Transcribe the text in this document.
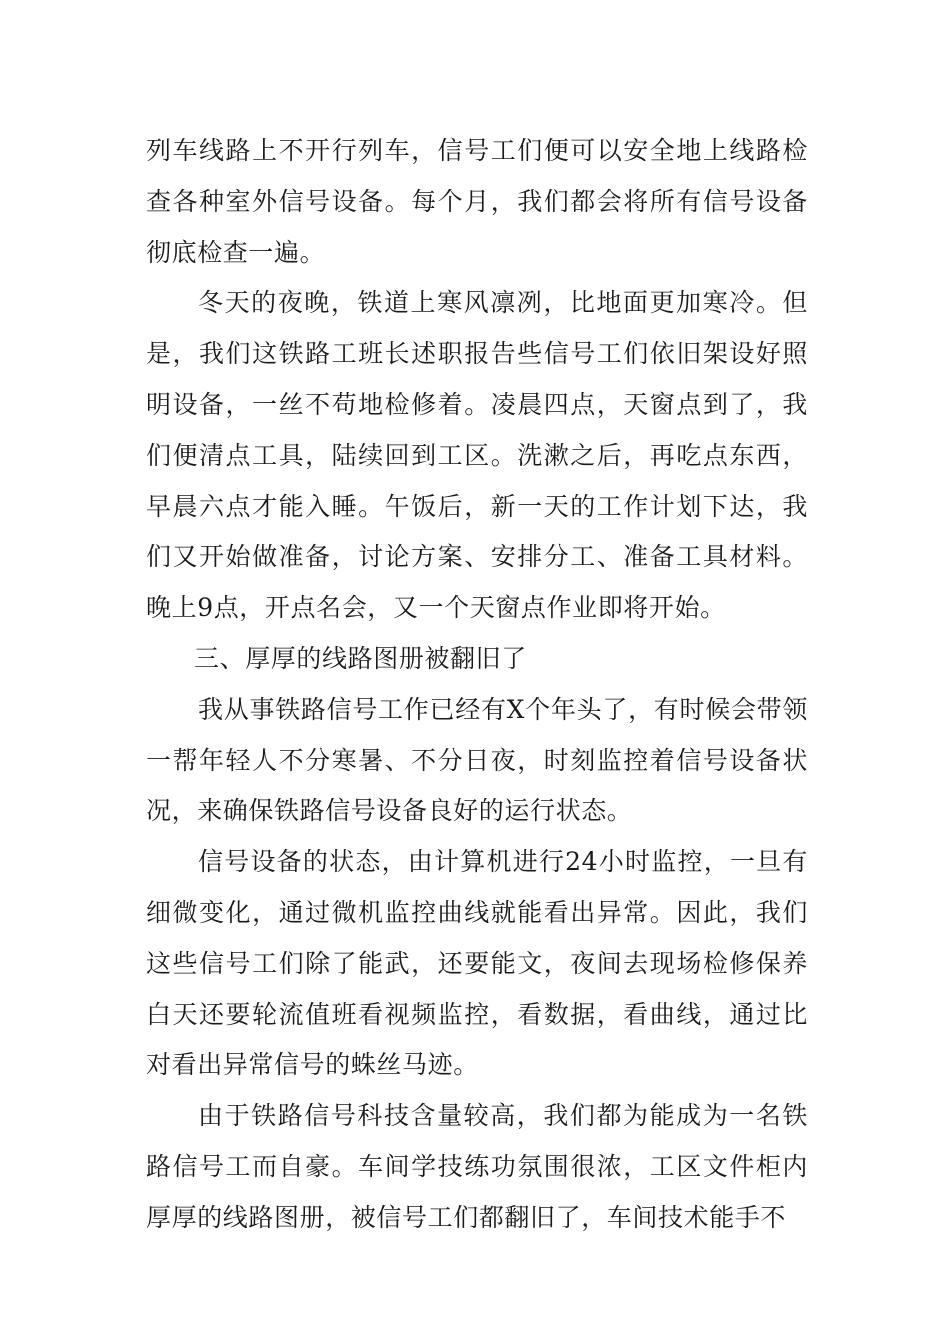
列车线路上不开行列车，信号工们便可以安全地上线路检查各种室外信号设备。每个月，我们都会将所有信号设备彻底检查一遍。

冬天的夜晚，铁道上寒风凛冽，比地面更加寒冷。但是，我们这铁路工班长述职报告些信号工们依旧架设好照明设备，一丝不苟地检修着。凌晨四点，天窗点到了，我们便清点工具，陆续回到工区。洗漱之后，再吃点东西，早晨六点才能入睡。午饭后，新一天的工作计划下达，我们又开始做准备，讨论方案、安排分工、准备工具材料。晚上9点，开点名会，又一个天窗点作业即将开始。

三、厚厚的线路图册被翻旧了

我从事铁路信号工作已经有X个年头了，有时候会带领一帮年轻人不分寒暑、不分日夜，时刻监控着信号设备状况，来确保铁路信号设备良好的运行状态。

信号设备的状态，由计算机进行24小时监控，一旦有细微变化，通过微机监控曲线就能看出异常。因此，我们这些信号工们除了能武，还要能文，夜间去现场检修保养白天还要轮流值班看视频监控，看数据，看曲线，通过比对看出异常信号的蛛丝马迹。

由于铁路信号科技含量较高，我们都为能成为一名铁路信号工而自豪。车间学技练功氛围很浓，工区文件柜内厚厚的线路图册，被信号工们都翻旧了，车间技术能手不
